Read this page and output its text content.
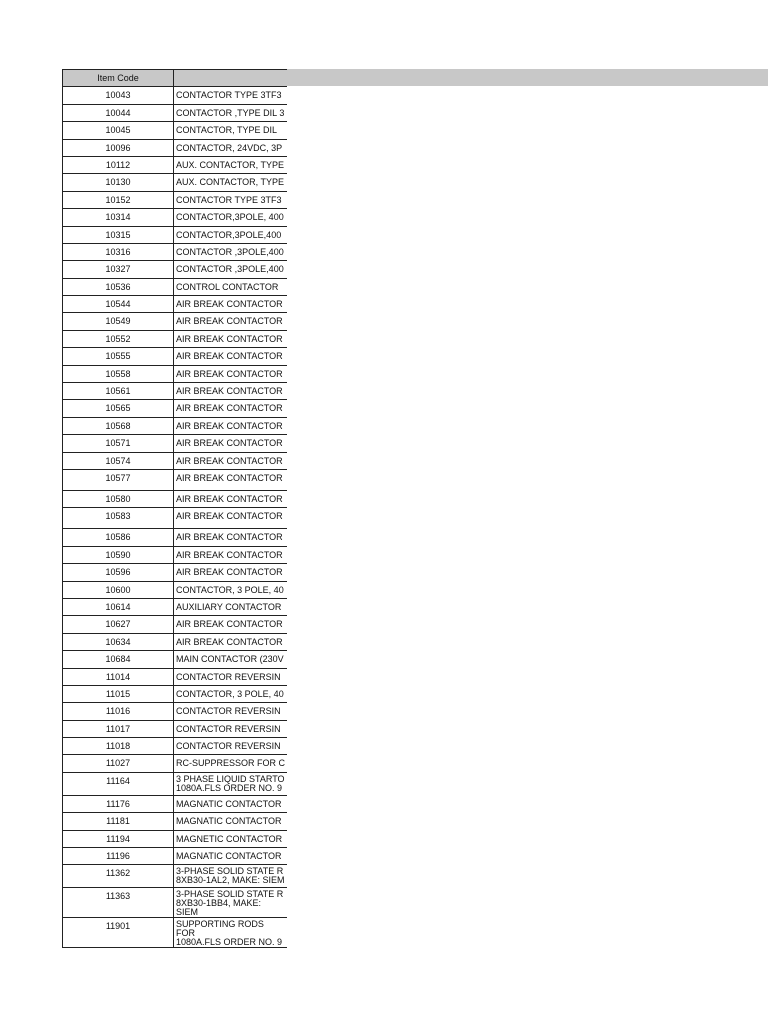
Item Code	
10043	CONTACTOR TYPE 3TF3
10044	CONTACTOR ,TYPE DIL 3
10045	CONTACTOR, TYPE DIL
10096	CONTACTOR, 24VDC, 3P
10112	AUX. CONTACTOR, TYPE
10130	AUX. CONTACTOR, TYPE
10152	CONTACTOR TYPE 3TF3
10314	CONTACTOR,3POLE, 400
10315	CONTACTOR,3POLE,400
10316	CONTACTOR ,3POLE,400
10327	CONTACTOR ,3POLE,400
10536	CONTROL CONTACTOR
10544	AIR BREAK CONTACTOR
10549	AIR BREAK CONTACTOR
10552	AIR BREAK CONTACTOR
10555	AIR BREAK CONTACTOR
10558	AIR BREAK CONTACTOR
10561	AIR BREAK CONTACTOR
10565	AIR BREAK CONTACTOR
10568	AIR BREAK CONTACTOR
10571	AIR BREAK CONTACTOR
10574	AIR BREAK CONTACTOR
10577	AIR BREAK CONTACTOR
10580	AIR BREAK CONTACTOR
10583	AIR BREAK CONTACTOR
10586	AIR BREAK CONTACTOR
10590	AIR BREAK CONTACTOR
10596	AIR BREAK CONTACTOR
10600	CONTACTOR, 3 POLE, 40
10614	AUXILIARY CONTACTOR
10627	AIR BREAK CONTACTOR
10634	AIR BREAK CONTACTOR
10684	MAIN CONTACTOR (230V
11014	CONTACTOR REVERSIN
11015	CONTACTOR, 3 POLE, 40
11016	CONTACTOR REVERSIN
11017	CONTACTOR REVERSIN
11018	CONTACTOR REVERSIN
11027	RC-SUPPRESSOR FOR C
11164	3 PHASE LIQUID STARTO
1080A.FLS ORDER NO. 9

11176	MAGNATIC CONTACTOR
11181	MAGNATIC CONTACTOR
11194	MAGNETIC CONTACTOR
11196	MAGNATIC CONTACTOR
11362	3-PHASE SOLID STATE R
8XB30-1AL2, MAKE: SIEM

11363	3-PHASE SOLID STATE R
8XB30-1BB4, MAKE: SIEM

11901	SUPPORTING RODS FOR
1080A.FLS ORDER NO. 9
